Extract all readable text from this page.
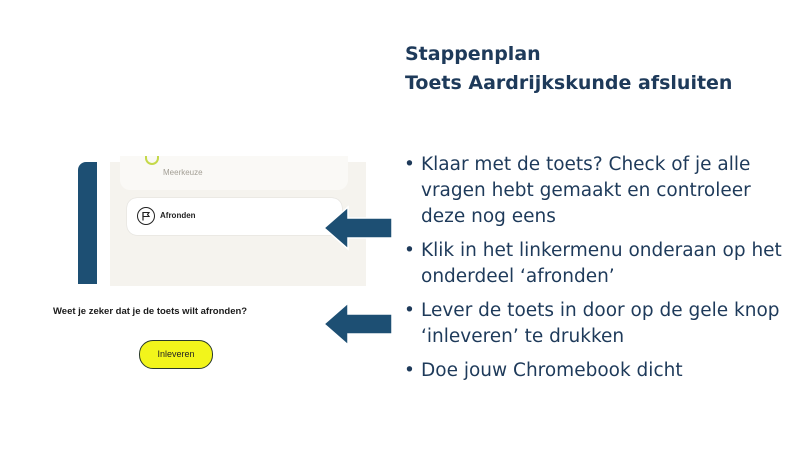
Stappenplan
Toets Aardrijkskunde afsluiten
Meerkeuze
Afronden
Weet je zeker dat je de toets wilt afronden?
Inleveren
• Klaar met de toets? Check of je alle vragen hebt gemaakt en controleer deze nog eens
• Klik in het linkermenu onderaan op het onderdeel ‘afronden’
• Lever de toets in door op de gele knop ‘inleveren’ te drukken
• Doe jouw Chromebook dicht
